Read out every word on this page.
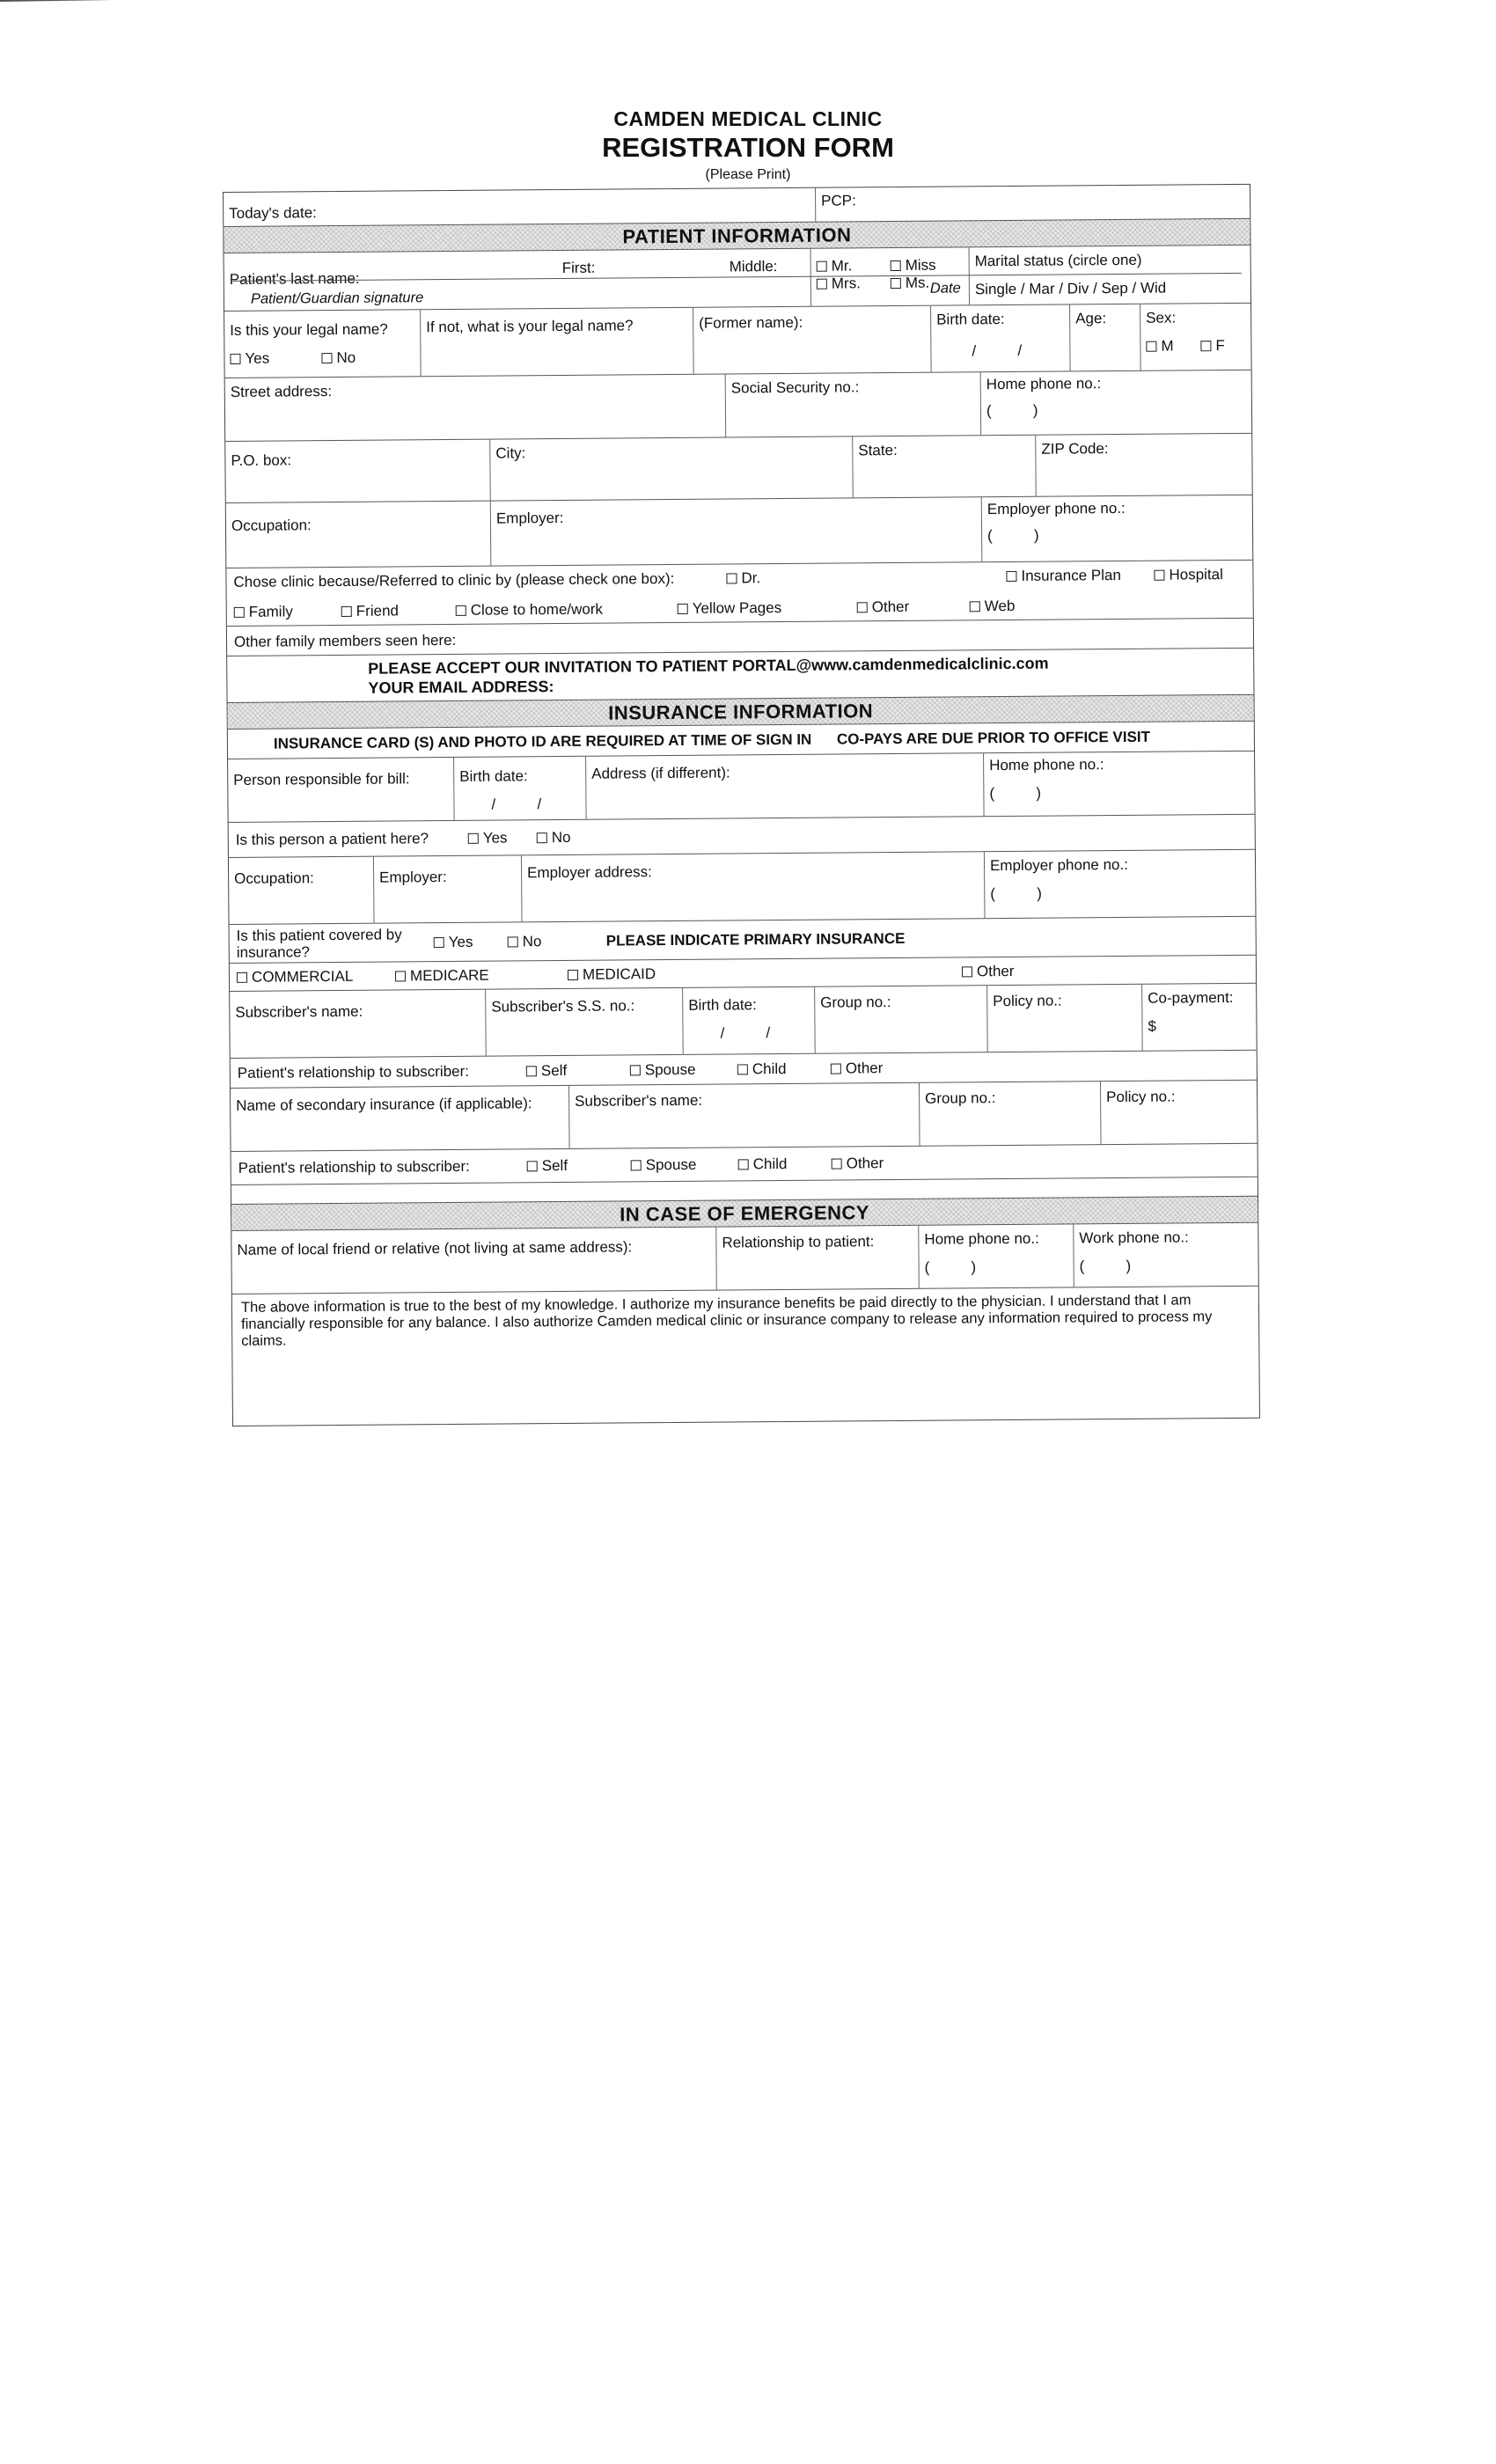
CAMDEN MEDICAL CLINIC
REGISTRATION FORM
(Please Print)
Today's date:
PCP:
PATIENT INFORMATION
Patient's last name:
First:	Middle:	Mr.	Miss
Mrs.	Ms.
Marital status (circle one)
Single / Mar / Div / Sep / Wid
Is this your legal name?
Yes	No
If not, what is your legal name?	(Former name):	Birth date:
/          /
Age:	Sex:
M	F
Street address:	Social Security no.:	Home phone no.:
(          )
P.O. box:	City:	State:	ZIP Code:
Occupation:	Employer:
Employer phone no.:
(          )
Chose clinic because/Referred to clinic by (please check one box):	Dr.	Insurance Plan	Hospital
Family	Friend	Close to home/work	Yellow Pages	Other	Web
Other family members seen here:
PLEASE ACCEPT OUR INVITATION TO PATIENT PORTAL@www.camdenmedicalclinic.com
YOUR EMAIL ADDRESS:
INSURANCE INFORMATION
INSURANCE CARD (S) AND PHOTO ID ARE REQUIRED AT TIME OF SIGN IN	CO-PAYS ARE DUE PRIOR TO OFFICE VISIT
Person responsible for bill:	Birth date:
/          /
Address (if different):	Home phone no.:
(          )
Is this person a patient here?	Yes	No
Occupation:	Employer:	Employer address:	Employer phone no.:
(          )
Is this patient covered by insurance?
Yes	No	PLEASE INDICATE PRIMARY INSURANCE
COMMERCIAL	MEDICARE	MEDICAID	Other
Subscriber's name:	Subscriber's S.S. no.:	Birth date:
/          /
Group no.:	Policy no.:	Co-payment:
$
Patient's relationship to subscriber:	Self	Spouse	Child	Other
Name of secondary insurance (if applicable):	Subscriber's name:	Group no.:	Policy no.:
Patient's relationship to subscriber:	Self	Spouse	Child	Other
IN CASE OF EMERGENCY
Name of local friend or relative (not living at same address):	Relationship to patient:	Home phone no.:
(          )
Work phone no.:
(          )
The above information is true to the best of my knowledge. I authorize my insurance benefits be paid directly to the physician. I understand that I am financially responsible for any balance. I also authorize Camden medical clinic or insurance company to release any information required to process my claims.
Patient/Guardian signature
Date
